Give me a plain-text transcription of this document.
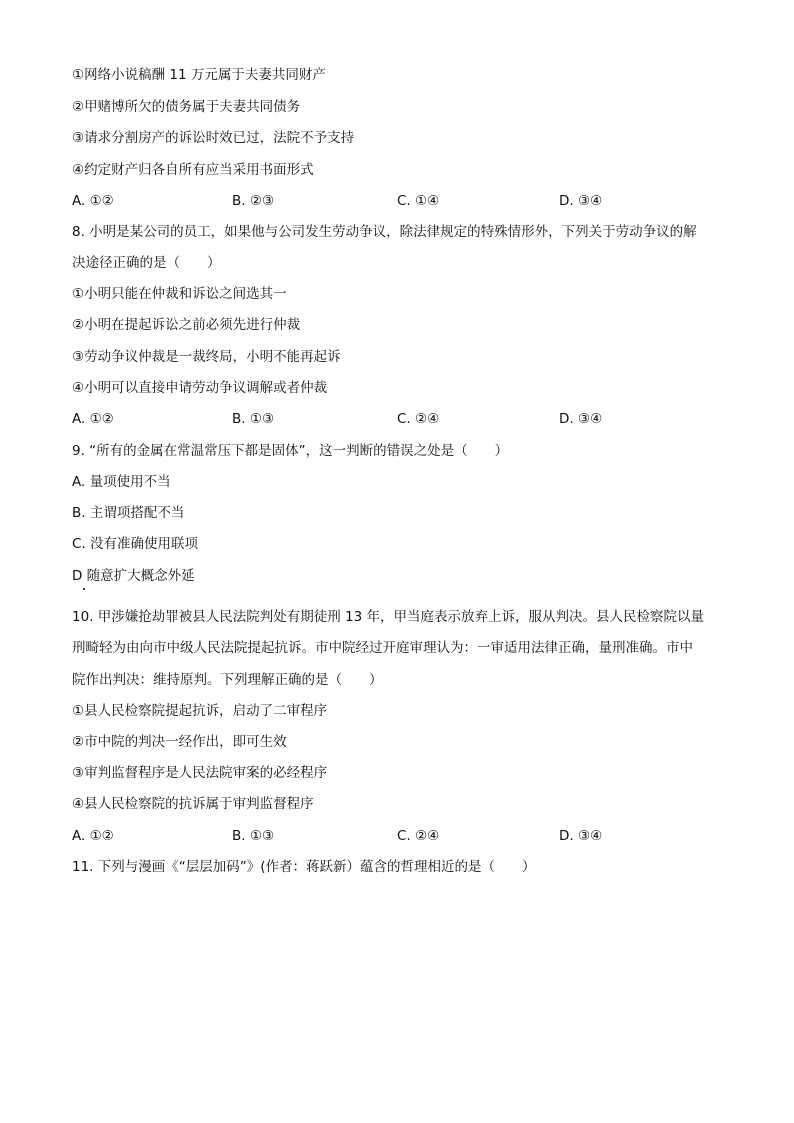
①网络小说稿酬 11 万元属于夫妻共同财产
②甲赌博所欠的债务属于夫妻共同债务
③请求分割房产的诉讼时效已过，法院不予支持
④约定财产归各自所有应当采用书面形式
A. ①②	B. ②③	C. ①④	D. ③④
8. 小明是某公司的员工，如果他与公司发生劳动争议，除法律规定的特殊情形外，下列关于劳动争议的解
决途径正确的是（　　）
①小明只能在仲裁和诉讼之间选其一
②小明在提起诉讼之前必须先进行仲裁
③劳动争议仲裁是一裁终局，小明不能再起诉
④小明可以直接申请劳动争议调解或者仲裁
A. ①②	B. ①③	C. ②④	D. ③④
9. “所有的金属在常温常压下都是固体”，这一判断的错误之处是（　　）
A. 量项使用不当
B. 主谓项搭配不当
C. 没有准确使用联项
D 随意扩大概念外延
10. 甲涉嫌抢劫罪被县人民法院判处有期徒刑 13 年，甲当庭表示放弃上诉，服从判决。县人民检察院以量
刑畸轻为由向市中级人民法院提起抗诉。市中院经过开庭审理认为：一审适用法律正确，量刑准确。市中
院作出判决：维持原判。下列理解正确的是（　　）
①县人民检察院提起抗诉，启动了二审程序
②市中院的判决一经作出，即可生效
③审判监督程序是人民法院审案的必经程序
④县人民检察院的抗诉属于审判监督程序
A. ①②	B. ①③	C. ②④	D. ③④
11. 下列与漫画《“层层加码”》(作者：蒋跃新）蕴含的哲理相近的是（　　）
